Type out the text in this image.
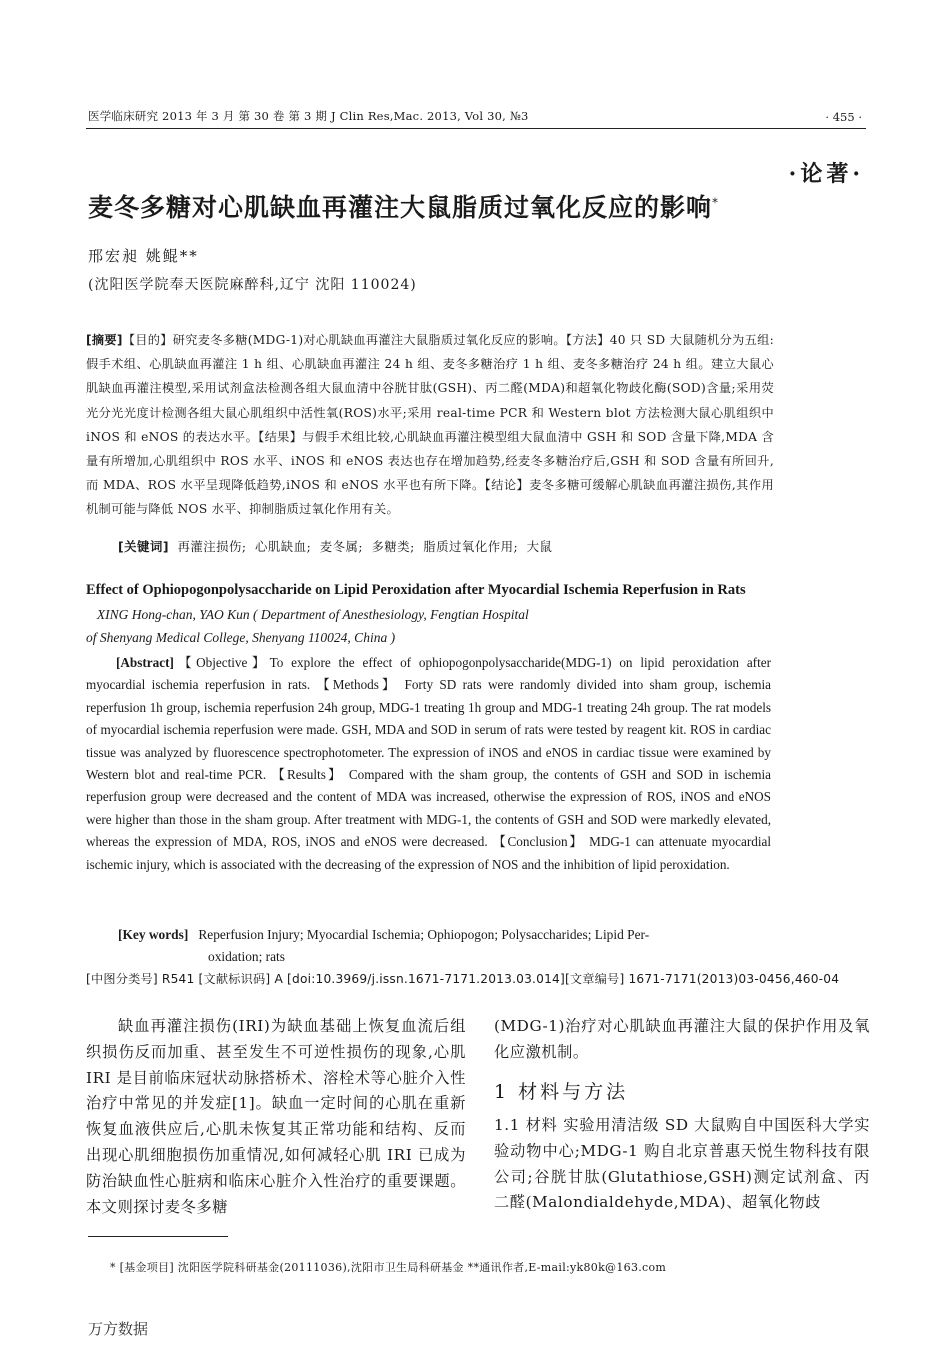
医学临床研究 2013 年 3 月 第 30 卷 第 3 期 J Clin Res,Mac. 2013, Vol 30, №3	· 455 ·
·论著·
麦冬多糖对心肌缺血再灌注大鼠脂质过氧化反应的影响*
邢宏昶 姚鲲**
(沈阳医学院奉天医院麻醉科,辽宁 沈阳 110024)
[摘要]【目的】研究麦冬多糖(MDG-1)对心肌缺血再灌注大鼠脂质过氧化反应的影响。【方法】40 只 SD 大鼠随机分为五组:假手术组、心肌缺血再灌注 1 h 组、心肌缺血再灌注 24 h 组、麦冬多糖治疗 1 h 组、麦冬多糖治疗 24 h 组。建立大鼠心肌缺血再灌注模型,采用试剂盒法检测各组大鼠血清中谷胱甘肽(GSH)、丙二醛(MDA)和超氧化物歧化酶(SOD)含量;采用荧光分光光度计检测各组大鼠心肌组织中活性氧(ROS)水平;采用 real-time PCR 和 Western blot 方法检测大鼠心肌组织中 iNOS 和 eNOS 的表达水平。【结果】与假手术组比较,心肌缺血再灌注模型组大鼠血清中 GSH 和 SOD 含量下降,MDA 含量有所增加,心肌组织中 ROS 水平、iNOS 和 eNOS 表达也存在增加趋势,经麦冬多糖治疗后,GSH 和 SOD 含量有所回升,而 MDA、ROS 水平呈现降低趋势,iNOS 和 eNOS 水平也有所下降。【结论】麦冬多糖可缓解心肌缺血再灌注损伤,其作用机制可能与降低 NOS 水平、抑制脂质过氧化作用有关。
[关键词] 再灌注损伤; 心肌缺血; 麦冬属; 多糖类; 脂质过氧化作用; 大鼠
Effect of Ophiopogonpolysaccharide on Lipid Peroxidation after Myocardial Ischemia Reperfusion in Rats    XING Hong-chan, YAO Kun ( Department of Anesthesiology, Fengtian Hospital
of Shenyang Medical College, Shenyang 110024, China )
[Abstract]【Objective】To explore the effect of ophiopogonpolysaccharide(MDG-1) on lipid peroxidation after myocardial ischemia reperfusion in rats. 【Methods】 Forty SD rats were randomly divided into sham group, ischemia reperfusion 1h group, ischemia reperfusion 24h group, MDG-1 treating 1h group and MDG-1 treating 24h group. The rat models of myocardial ischemia reperfusion were made. GSH, MDA and SOD in serum of rats were tested by reagent kit. ROS in cardiac tissue was analyzed by fluorescence spectrophotometer. The expression of iNOS and eNOS in cardiac tissue were examined by Western blot and real-time PCR. 【Results】 Compared with the sham group, the contents of GSH and SOD in ischemia reperfusion group were decreased and the content of MDA was increased, otherwise the expression of ROS, iNOS and eNOS were higher than those in the sham group. After treatment with MDG-1, the contents of GSH and SOD were markedly elevated, whereas the expression of MDA, ROS, iNOS and eNOS were decreased. 【Conclusion】 MDG-1 can attenuate myocardial ischemic injury, which is associated with the decreasing of the expression of NOS and the inhibition of lipid peroxidation.
[Key words] Reperfusion Injury; Myocardial Ischemia; Ophiopogon; Polysaccharides; Lipid Per-
oxidation; rats
[中图分类号] R541 [文献标识码] A [doi:10.3969/j.issn.1671-7171.2013.03.014][文章编号] 1671-7171(2013)03-0456,460-04
缺血再灌注损伤(IRI)为缺血基础上恢复血流后组织损伤反而加重、甚至发生不可逆性损伤的现象,心肌 IRI 是目前临床冠状动脉搭桥术、溶栓术等心脏介入性治疗中常见的并发症[1]。缺血一定时间的心肌在重新恢复血液供应后,心肌未恢复其正常功能和结构、反而出现心肌细胞损伤加重情况,如何减轻心肌 IRI 已成为防治缺血性心脏病和临床心脏介入性治疗的重要课题。本文则探讨麦冬多糖
(MDG-1)治疗对心肌缺血再灌注大鼠的保护作用及氧化应激机制。
1 材料与方法
1.1 材料 实验用清洁级 SD 大鼠购自中国医科大学实验动物中心;MDG-1 购自北京普惠天悦生物科技有限公司;谷胱甘肽(Glutathiose,GSH)测定试剂盒、丙二醛(Malondialdehyde,MDA)、超氧化物歧
* [基金项目] 沈阳医学院科研基金(20111036),沈阳市卫生局科研基金 **通讯作者,E-mail:yk80k@163.com
万方数据
